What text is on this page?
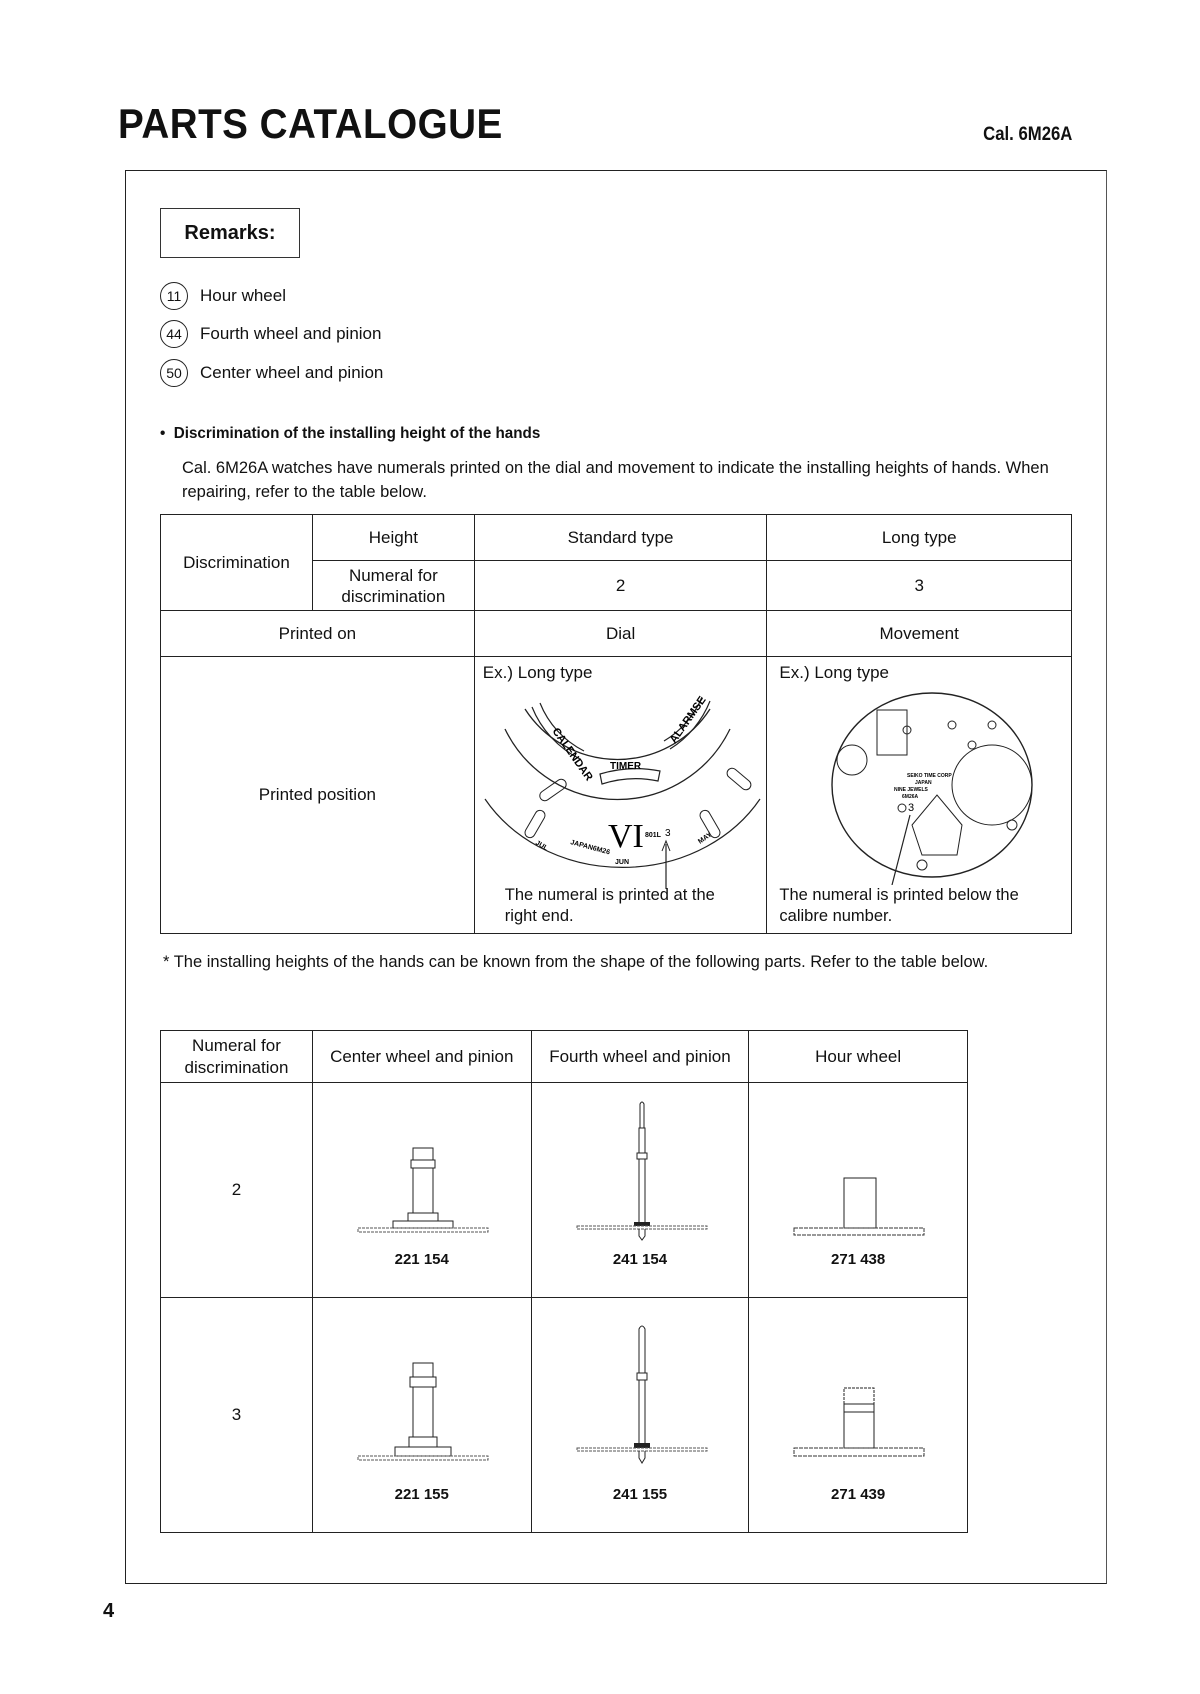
PARTS CATALOGUE	Cal. 6M26A
Remarks:
11	Hour wheel
44	Fourth wheel and pinion
50	Center wheel and pinion
• Discrimination of the installing height of the hands
Cal. 6M26A watches have numerals printed on the dial and movement to indicate the installing heights of hands. When repairing, refer to the table below.
Discrimination	Height	Standard type	Long type
	Numeral for discrimination	2	3
Printed on		Dial	Movement
Printed position	
Ex.) Long type
CALENDAR
ALARMSE
TIMER
VI
JUN
JAPAN6M26
801L 3
JUL
MAY
The numeral is printed at the right end.

Ex.) Long type
SEIKO TIME CORP
JAPAN
NINE JEWELS
6M26A
3
The numeral is printed below the calibre number.
* The installing heights of the hands can be known from the shape of the following parts. Refer to the table below.
Numeral for discrimination	Center wheel and pinion	Fourth wheel and pinion	Hour wheel
2	221 154	241 154	271 438

3	221 155	241 155	271 439
4
